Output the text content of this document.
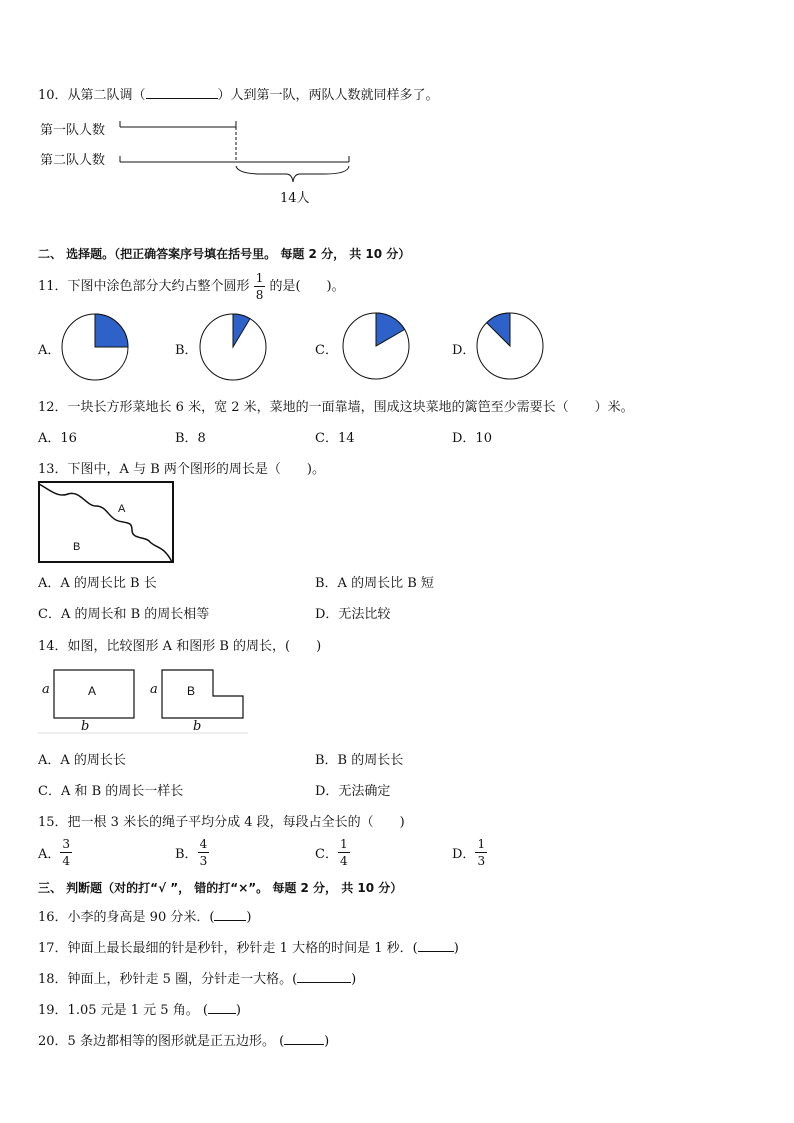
10．从第二队调（	）人到第一队，两队人数就同样多了。
第一队人数
第二队人数
14人
二、 选择题。（把正确答案序号填在括号里。 每题 2 分， 共 10 分）
11．下图中涂色部分大约占整个圆形 $\frac{1}{8}$ 的是(　　)。
A．	B．	C．	D．
12．一块长方形菜地长 6 米，宽 2 米，菜地的一面靠墙，围成这块菜地的篱笆至少需要长（　　）米。
A．16	B．8	C．14	D．10
13．下图中，A 与 B 两个图形的周长是（　　)。
A
B
A．A 的周长比 B 长	B．A 的周长比 B 短
C．A 的周长和 B 的周长相等	D．无法比较
14．如图，比较图形 A 和图形 B 的周长，(　　)
a	A
b
a B
b
A．A 的周长长	B．B 的周长长
C．A 和 B 的周长一样长	D．无法确定
15．把一根 3 米长的绳子平均分成 4 段，每段占全长的（　　)
A． $\frac{3}{4}$	B． $\frac{4}{3}$	C． $\frac{1}{4}$	D． $\frac{1}{3}$
三、 判断题（对的打“√ ”， 错的打“×”。 每题 2 分， 共 10 分）
16．小李的身高是 90 分米．( )
17．钟面上最长最细的针是秒针，秒针走 1 大格的时间是 1 秒．(	)
18．钟面上，秒针走 5 圈，分针走一大格。(	)
19．1.05 元是 1 元 5 角。 ( )
20．5 条边都相等的图形就是正五边形。 (	)
